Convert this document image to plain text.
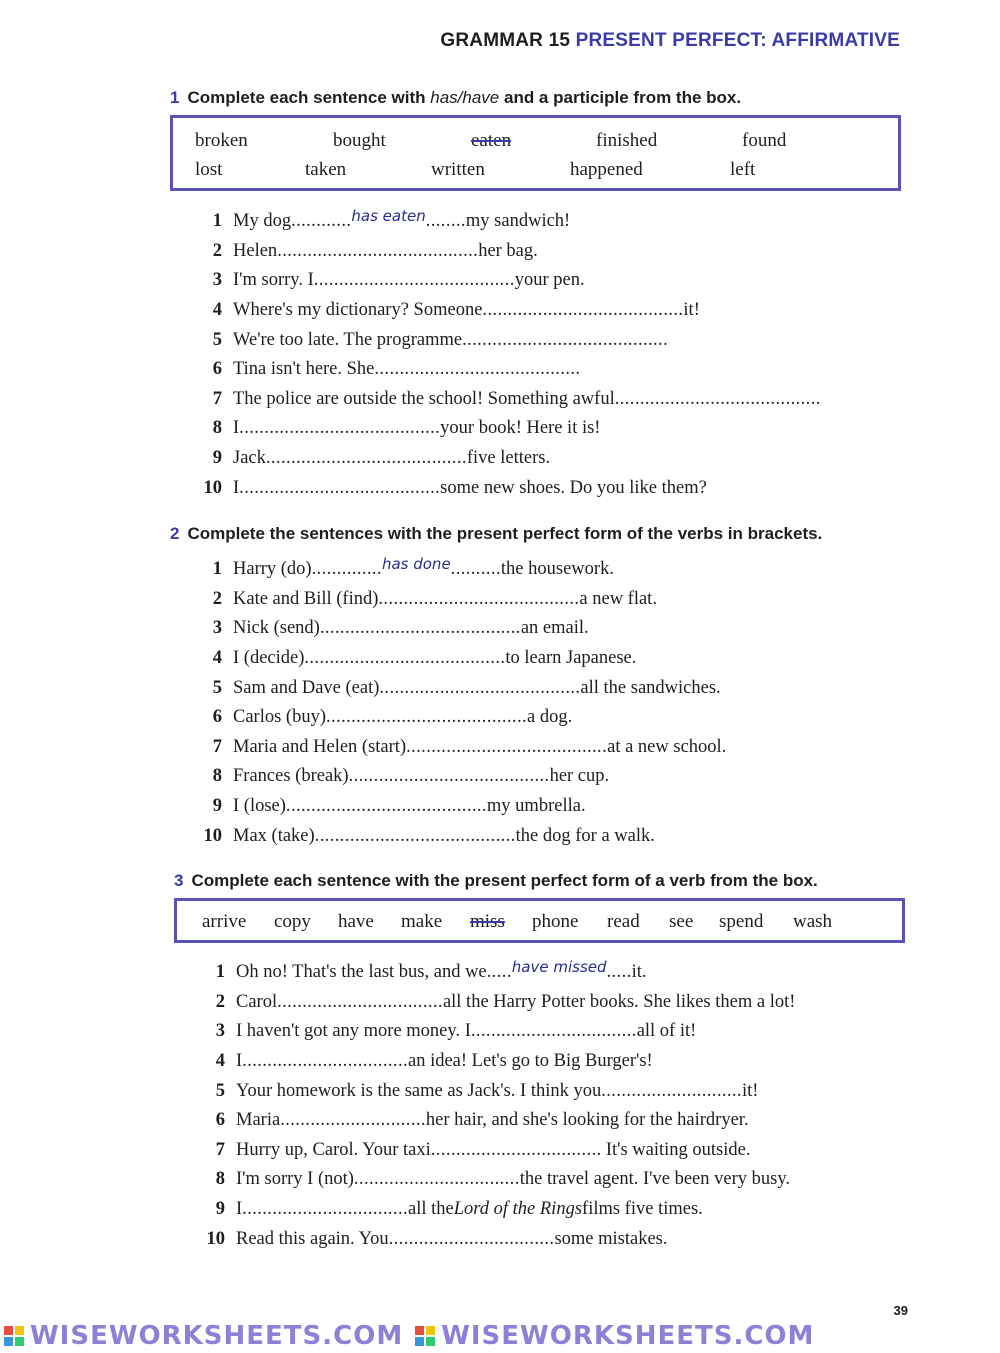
GRAMMAR 15 PRESENT PERFECT: AFFIRMATIVE
1 Complete each sentence with has/have and a participle from the box.
broken	bought	eaten	finished	found
lost	taken	written	happened	left
1 My dog ............ has eaten ........ my sandwich!
2 Helen ........................................ her bag.
3 I'm sorry. I ........................................ your pen.
4 Where's my dictionary? Someone ........................................ it!
5 We're too late. The programme ........................................ .
6 Tina isn't here. She ........................................ .
7 The police are outside the school! Something awful ........................................ .
8 I ........................................ your book! Here it is!
9 Jack ........................................ five letters.
10 I ........................................ some new shoes. Do you like them?
2 Complete the sentences with the present perfect form of the verbs in brackets.
1 Harry (do) .............. has done .......... the housework.
2 Kate and Bill (find) ........................................ a new flat.
3 Nick (send) ........................................ an email.
4 I (decide) ........................................ to learn Japanese.
5 Sam and Dave (eat) ........................................ all the sandwiches.
6 Carlos (buy) ........................................ a dog.
7 Maria and Helen (start) ........................................ at a new school.
8 Frances (break) ........................................ her cup.
9 I (lose) ........................................ my umbrella.
10 Max (take) ........................................ the dog for a walk.
3 Complete each sentence with the present perfect form of a verb from the box.
arrive copy have make miss phone read see spend wash
1 Oh no! That's the last bus, and we ..... have missed ..... it.
2 Carol ................................. all the Harry Potter books. She likes them a lot!
3 I haven't got any more money. I ................................. all of it!
4 I ................................. an idea! Let's go to Big Burger's!
5 Your homework is the same as Jack's. I think you ............................ it!
6 Maria ............................. her hair, and she's looking for the hairdryer.
7 Hurry up, Carol. Your taxi ................................. . It's waiting outside.
8 I'm sorry I (not) ................................. the travel agent. I've been very busy.
9 I ................................. all the Lord of the Rings films five times.
10 Read this again. You ................................. some mistakes.
39
WISEWORKSHEETS.COM WISEWORKSHEETS.COM
